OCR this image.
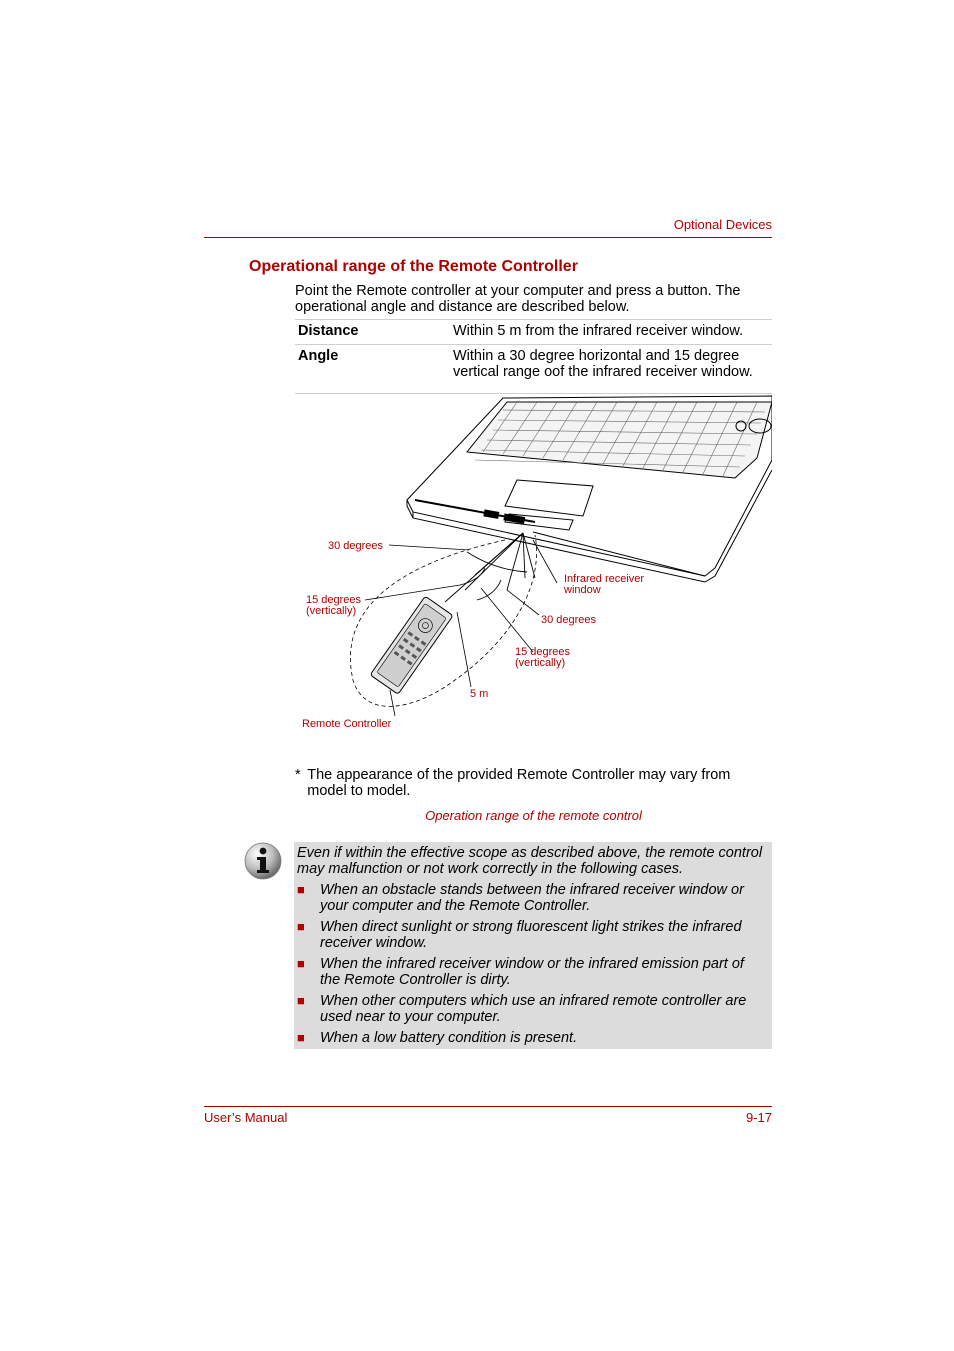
Optional Devices
Operational range of the Remote Controller
Point the Remote controller at your computer and press a button. The operational angle and distance are described below.
Distance	Within 5 m from the infrared receiver window.
Angle	Within a 30 degree horizontal and 15 degree vertical range oof the infrared receiver window.
30 degrees
15 degrees
(vertically)
Remote Controller
Infrared receiver
window
30 degrees
15 degrees
(vertically)
5 m
* The appearance of the provided Remote Controller may vary from model to model.
Operation range of the remote control
Even if within the effective scope as described above, the remote control may malfunction or not work correctly in the following cases.
■	When an obstacle stands between the infrared receiver window or your computer and the Remote Controller.
■	When direct sunlight or strong fluorescent light strikes the infrared receiver window.
■	When the infrared receiver window or the infrared emission part of the Remote Controller is dirty.
■	When other computers which use an infrared remote controller are used near to your computer.
■	When a low battery condition is present.
User’s Manual	9-17
